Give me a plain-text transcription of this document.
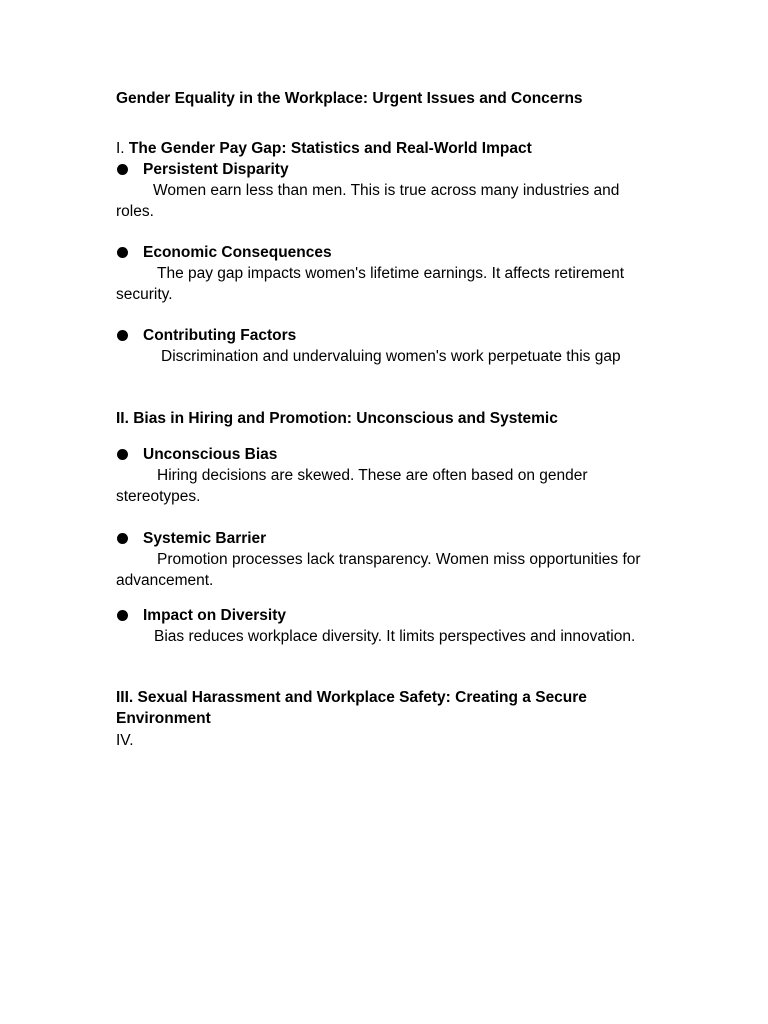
Gender Equality in the Workplace: Urgent Issues and Concerns
I. The Gender Pay Gap: Statistics and Real-World Impact
Persistent Disparity
Women earn less than men. This is true across many industries and roles.
Economic Consequences
The pay gap impacts women's lifetime earnings. It affects retirement security.
Contributing Factors
Discrimination and undervaluing women's work perpetuate this gap
II. Bias in Hiring and Promotion: Unconscious and Systemic
Unconscious Bias
Hiring decisions are skewed. These are often based on gender stereotypes.
Systemic Barrier
Promotion processes lack transparency. Women miss opportunities for advancement.
Impact on Diversity
Bias reduces workplace diversity. It limits perspectives and innovation.
III. Sexual Harassment and Workplace Safety: Creating a Secure Environment
IV.
